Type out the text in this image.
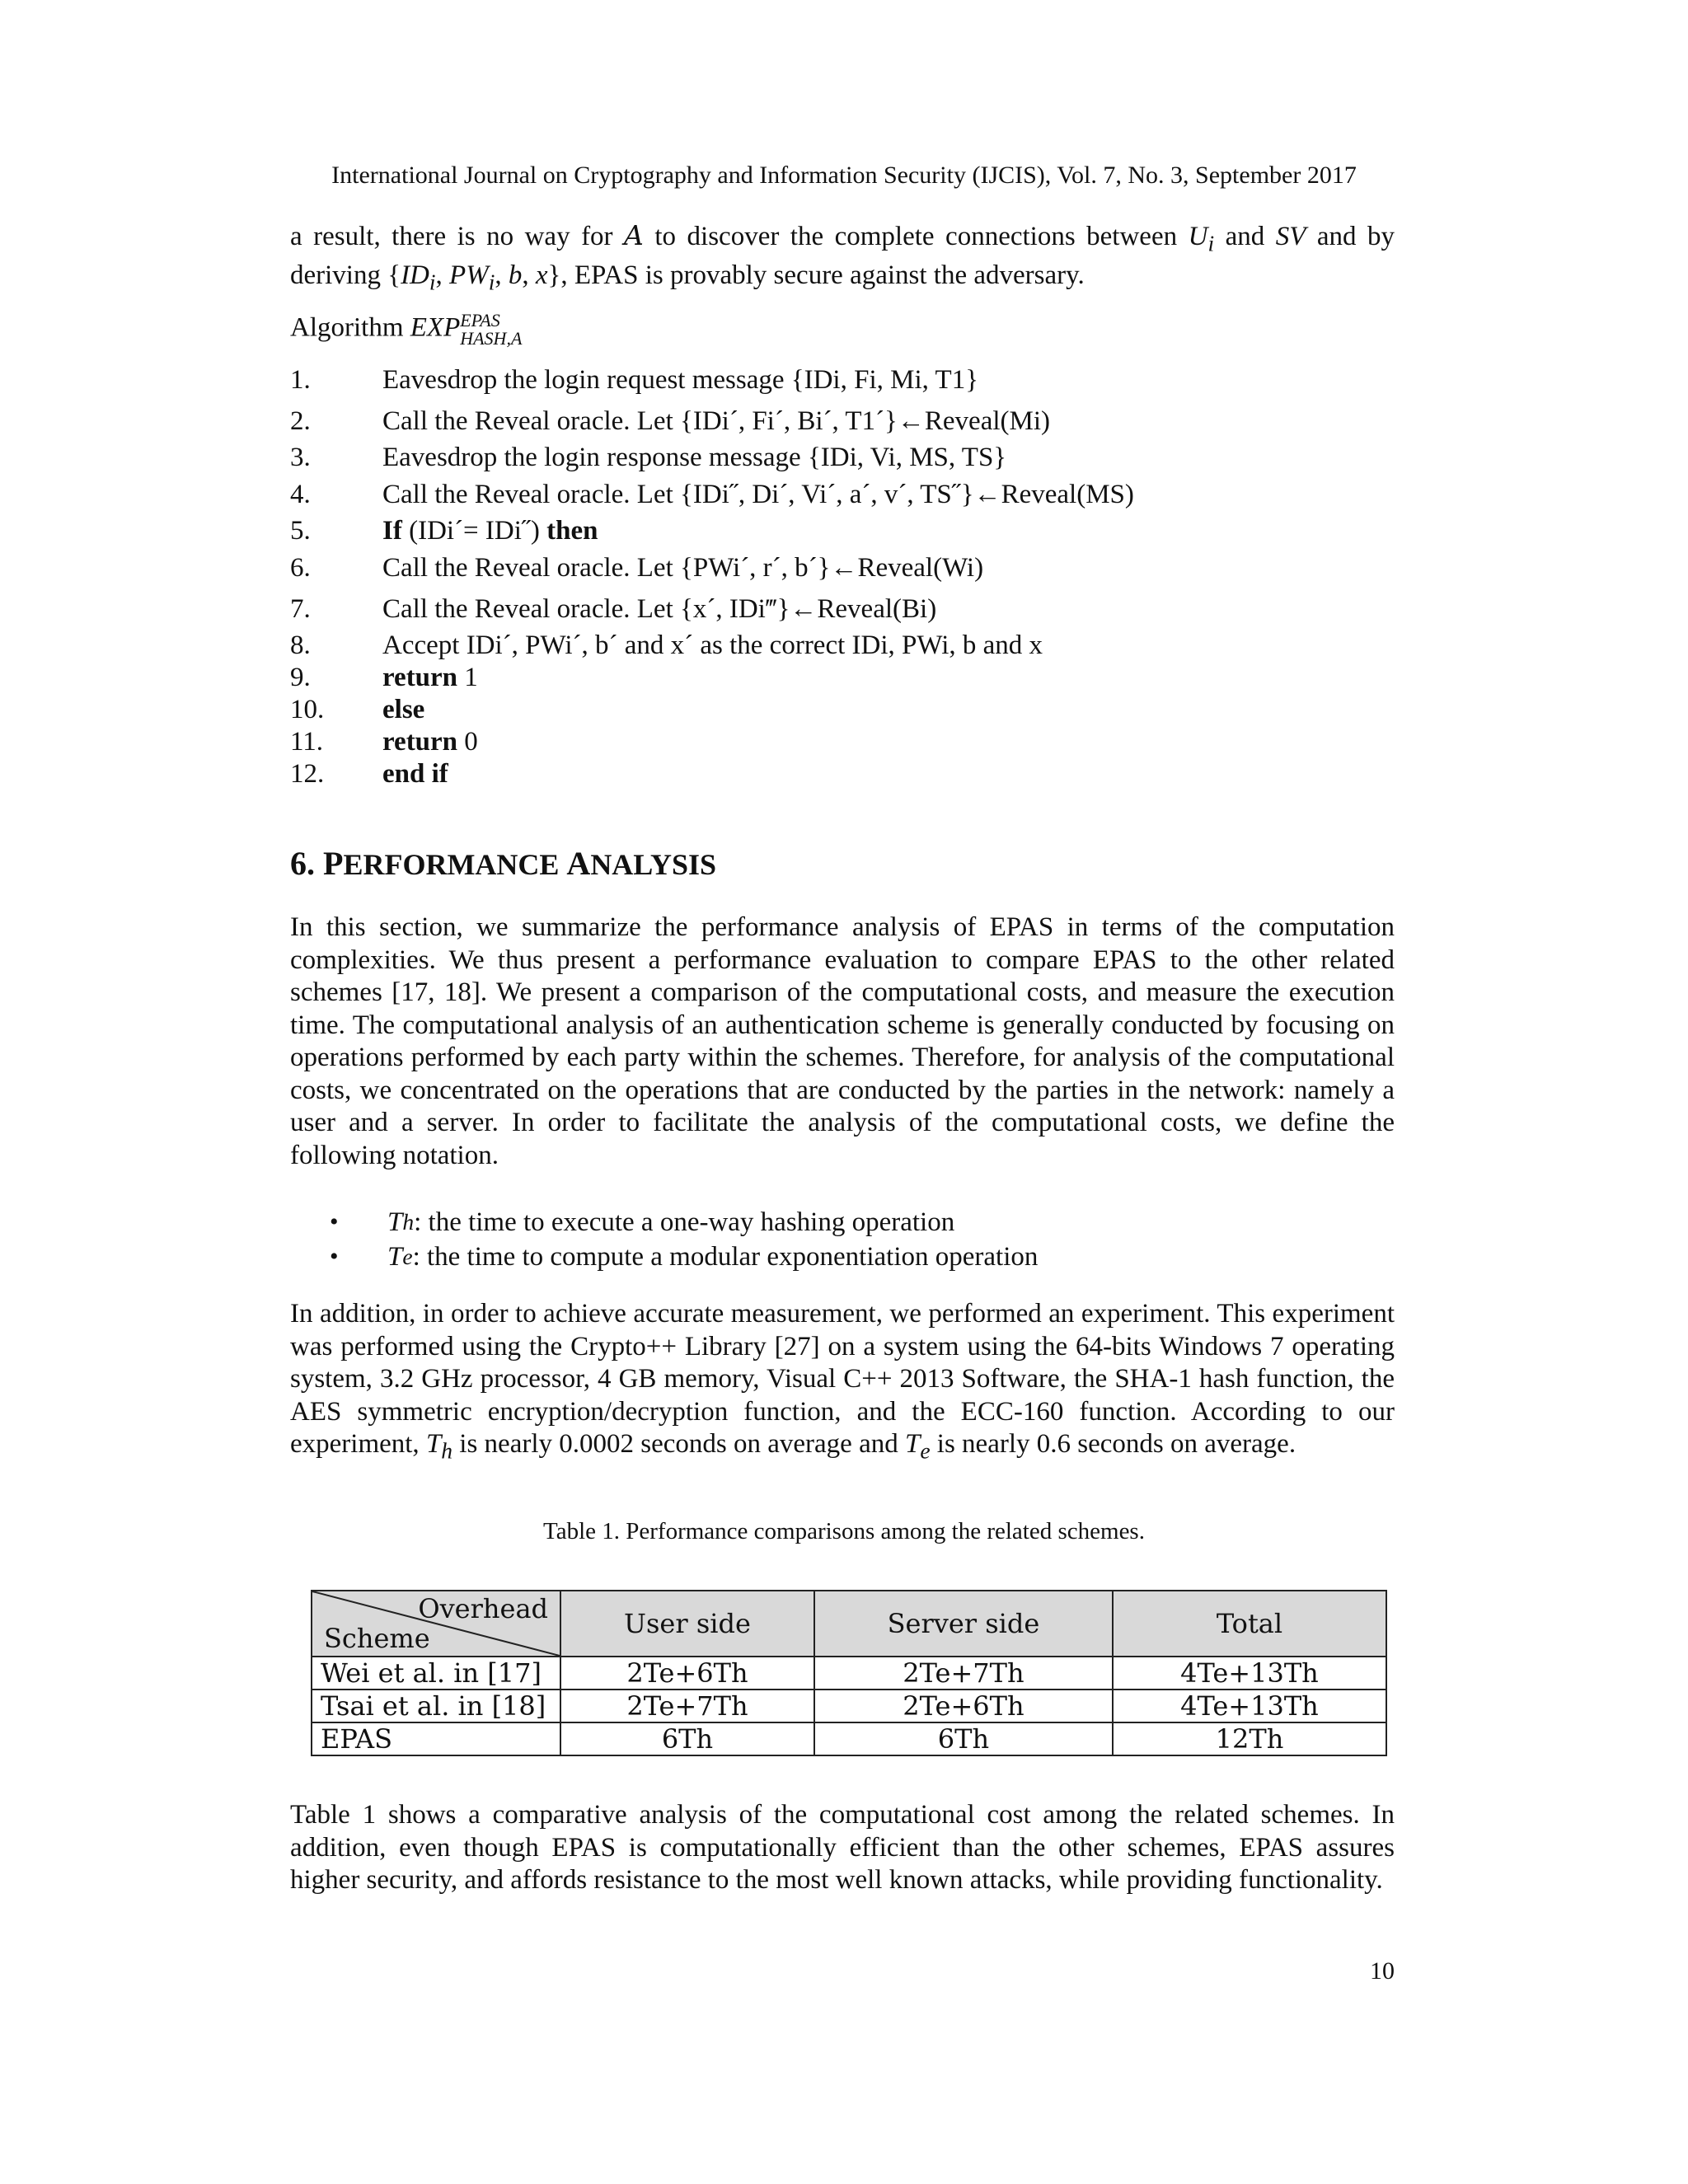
International Journal on Cryptography and Information Security (IJCIS), Vol. 7, No. 3, September 2017
a result, there is no way for A to discover the complete connections between $U_i$ and SV and by deriving {$ID_i$, $PW_i$, b, x}, EPAS is provably secure against the adversary.
Algorithm EXP EPAS
HASH,A
1.	Eavesdrop the login request message {IDi, Fi, Mi, T1}
2.	Call the Reveal oracle. Let {IDi´, Fi´, Bi´, T1´}←Reveal(Mi)
3.	Eavesdrop the login response message {IDi, Vi, MS, TS}
4.	Call the Reveal oracle. Let {IDi˝, Di´, Vi´, a´, v´, TS˝}←Reveal(MS)
5.	If (IDi´= IDi˝) then
6.	Call the Reveal oracle. Let {PWi´, r´, b´}←Reveal(Wi)
7.	Call the Reveal oracle. Let {x´, IDi‴}←Reveal(Bi)
8.	Accept IDi´, PWi´, b´ and x´ as the correct IDi, PWi, b and x
9.	return 1
10.	else
11.	return 0
12.	end if
6. PERFORMANCE ANALYSIS
In this section, we summarize the performance analysis of EPAS in terms of the computation complexities. We thus present a performance evaluation to compare EPAS to the other related schemes [17, 18]. We present a comparison of the computational costs, and measure the execution time. The computational analysis of an authentication scheme is generally conducted by focusing on operations performed by each party within the schemes. Therefore, for analysis of the computational costs, we concentrated on the operations that are conducted by the parties in the network: namely a user and a server. In order to facilitate the analysis of the computational costs, we define the following notation.
•	T h : the time to execute a one-way hashing operation
•	T e : the time to compute a modular exponentiation operation
In addition, in order to achieve accurate measurement, we performed an experiment. This experiment was performed using the Crypto++ Library [27] on a system using the 64-bits Windows 7 operating system, 3.2 GHz processor, 4 GB memory, Visual C++ 2013 Software, the SHA-1 hash function, the AES symmetric encryption/decryption function, and the ECC-160 function. According to our experiment, $T_h$ is nearly 0.0002 seconds on average and $T_e$ is nearly 0.6 seconds on average.
Table 1. Performance comparisons among the related schemes.
Overhead
Scheme	User side	Server side	Total
Wei et al. in [17]	2Te+6Th	2Te+7Th	4Te+13Th
Tsai et al. in [18]	2Te+7Th	2Te+6Th	4Te+13Th
EPAS	6Th	6Th	12Th
Table 1 shows a comparative analysis of the computational cost among the related schemes. In addition, even though EPAS is computationally efficient than the other schemes, EPAS assures higher security, and affords resistance to the most well known attacks, while providing functionality.
10
